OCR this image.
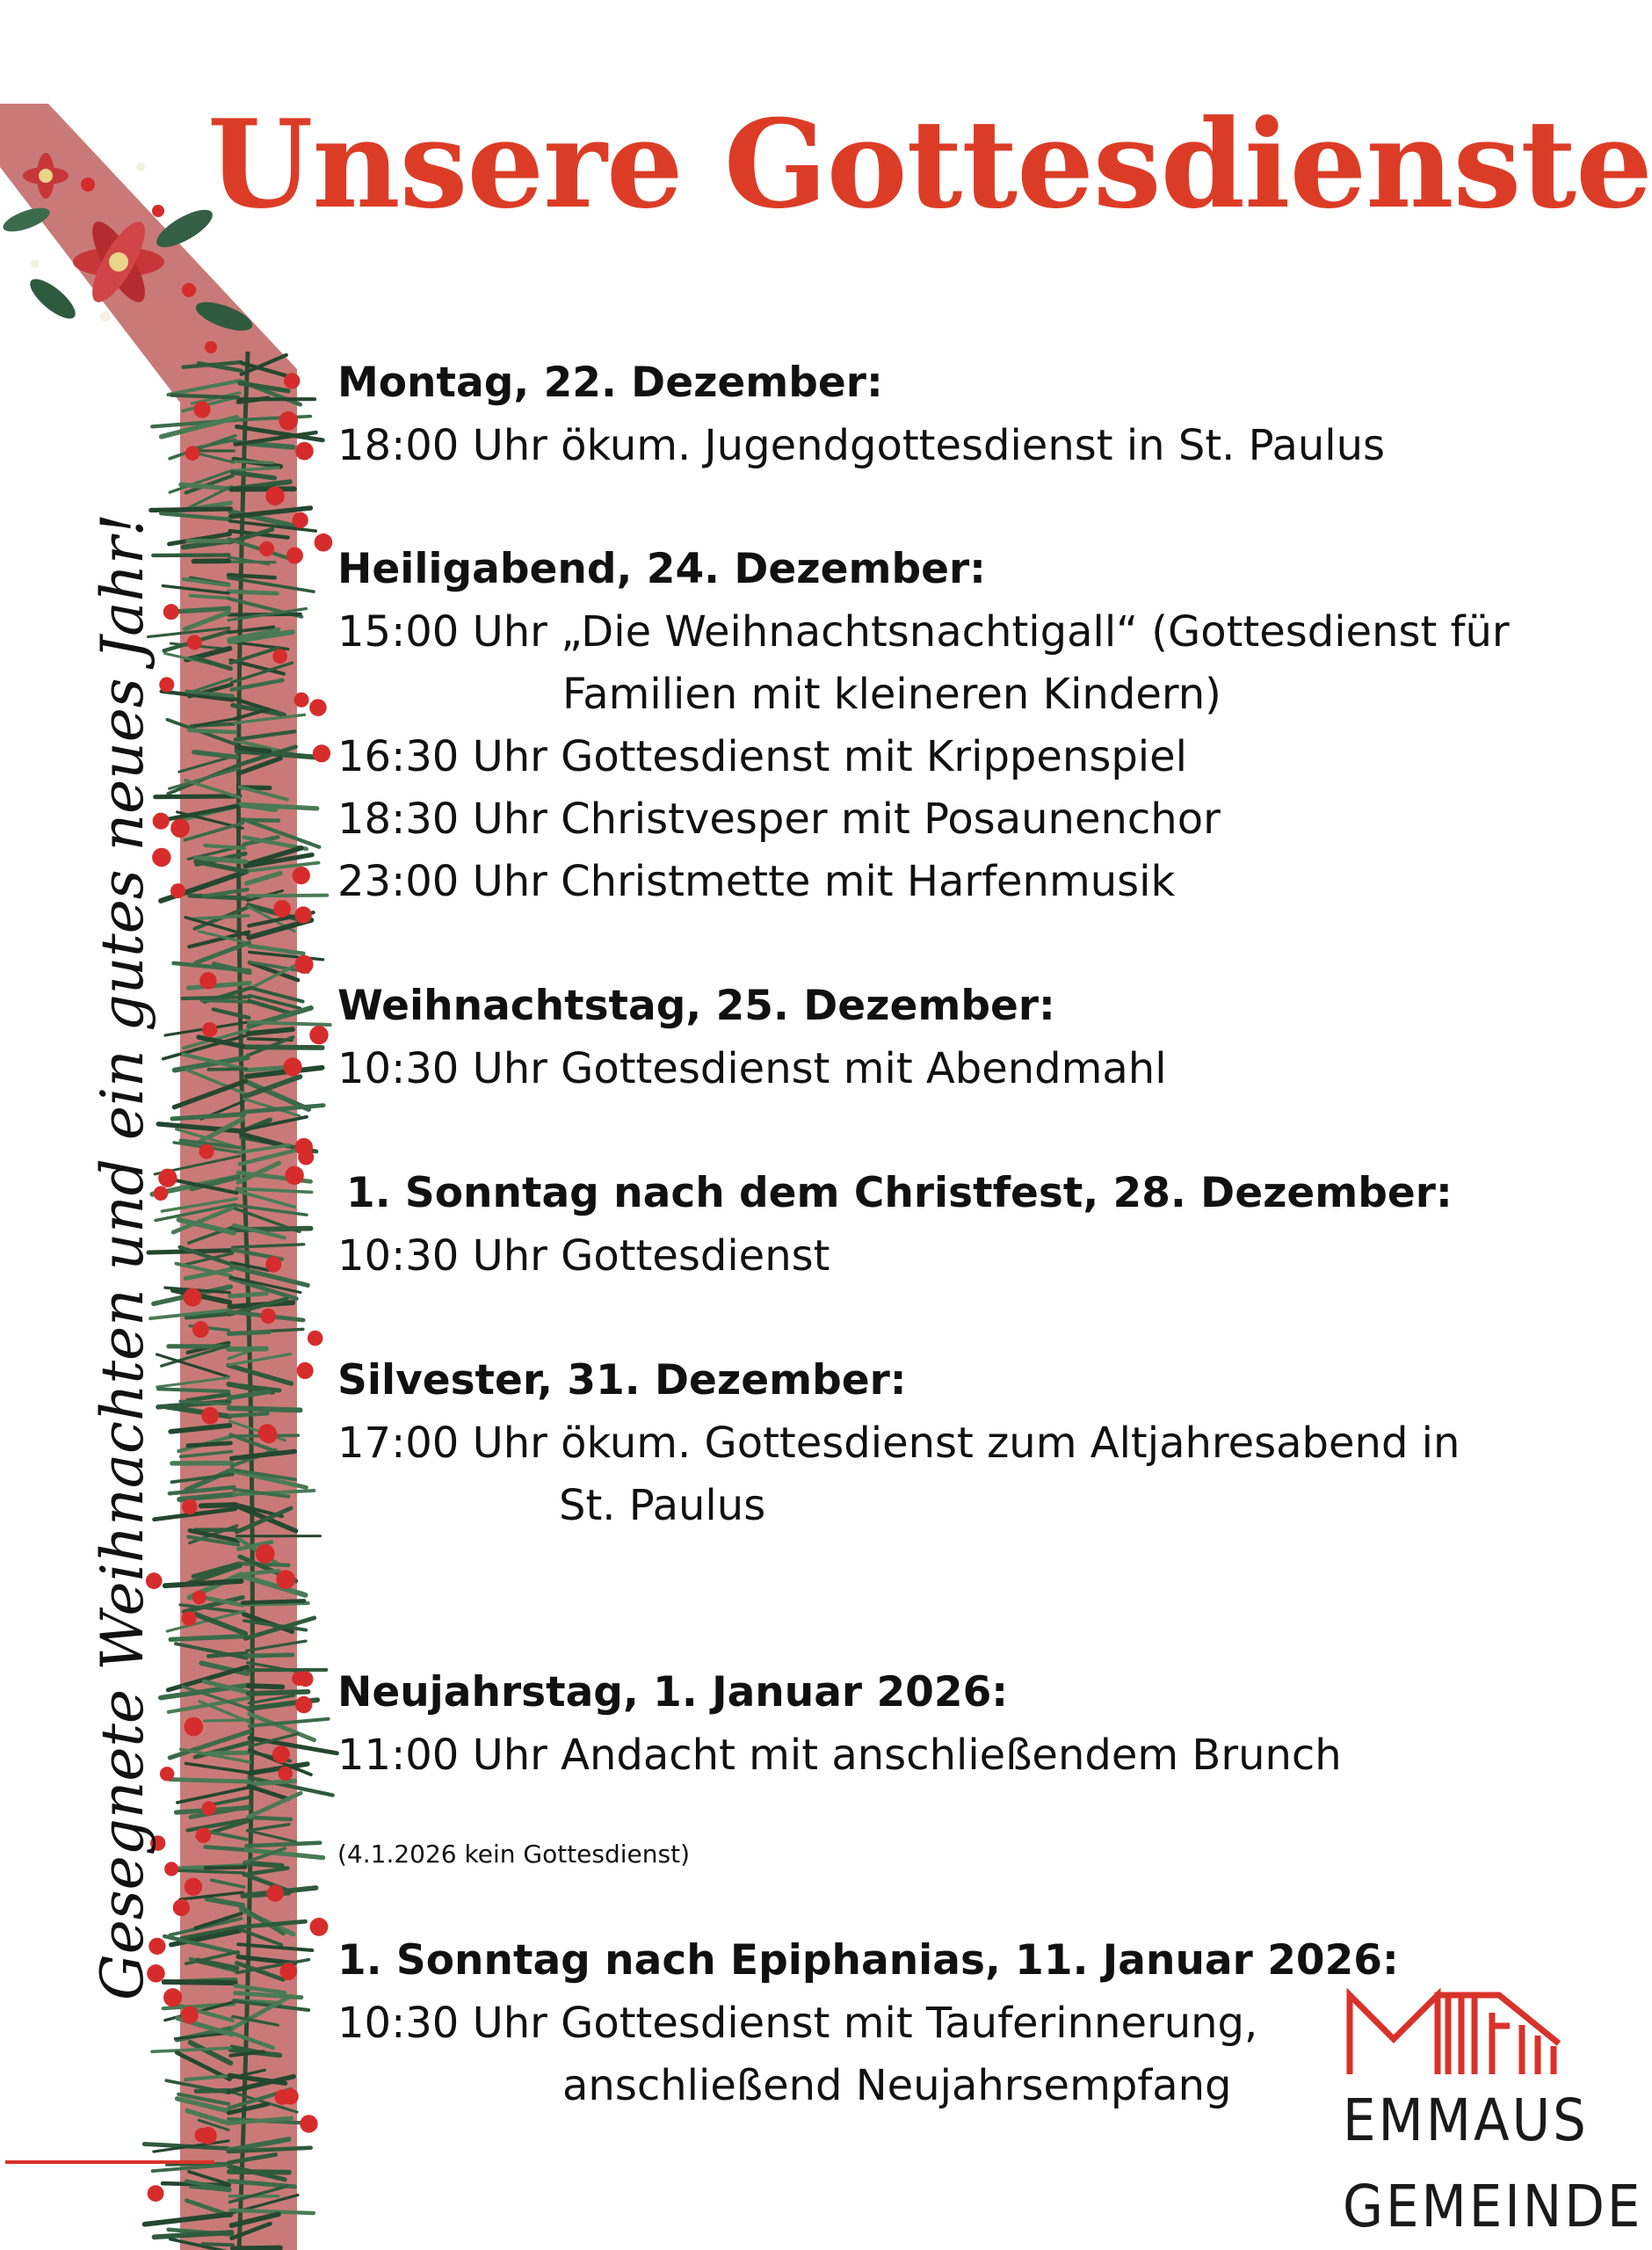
Unsere Gottesdienste
Gesegnete Weihnachten und ein gutes neues Jahr!
Montag, 22. Dezember:
18:00 Uhr ökum. Jugendgottesdienst in St. Paulus
Heiligabend, 24. Dezember:
15:00 Uhr „Die Weihnachtsnachtigall“ (Gottesdienst für
Familien mit kleineren Kindern)
16:30 Uhr Gottesdienst mit Krippenspiel
18:30 Uhr Christvesper mit Posaunenchor
23:00 Uhr Christmette mit Harfenmusik
Weihnachtstag, 25. Dezember:
10:30 Uhr Gottesdienst mit Abendmahl
1. Sonntag nach dem Christfest, 28. Dezember:
10:30 Uhr Gottesdienst
Silvester, 31. Dezember:
17:00 Uhr ökum. Gottesdienst zum Altjahresabend in
St. Paulus
Neujahrstag, 1. Januar 2026:
11:00 Uhr Andacht mit anschließendem Brunch
(4.1.2026 kein Gottesdienst)
1. Sonntag nach Epiphanias, 11. Januar 2026:
10:30 Uhr Gottesdienst mit Tauferinnerung,
anschließend Neujahrsempfang
EMMAUS
GEMEINDE
